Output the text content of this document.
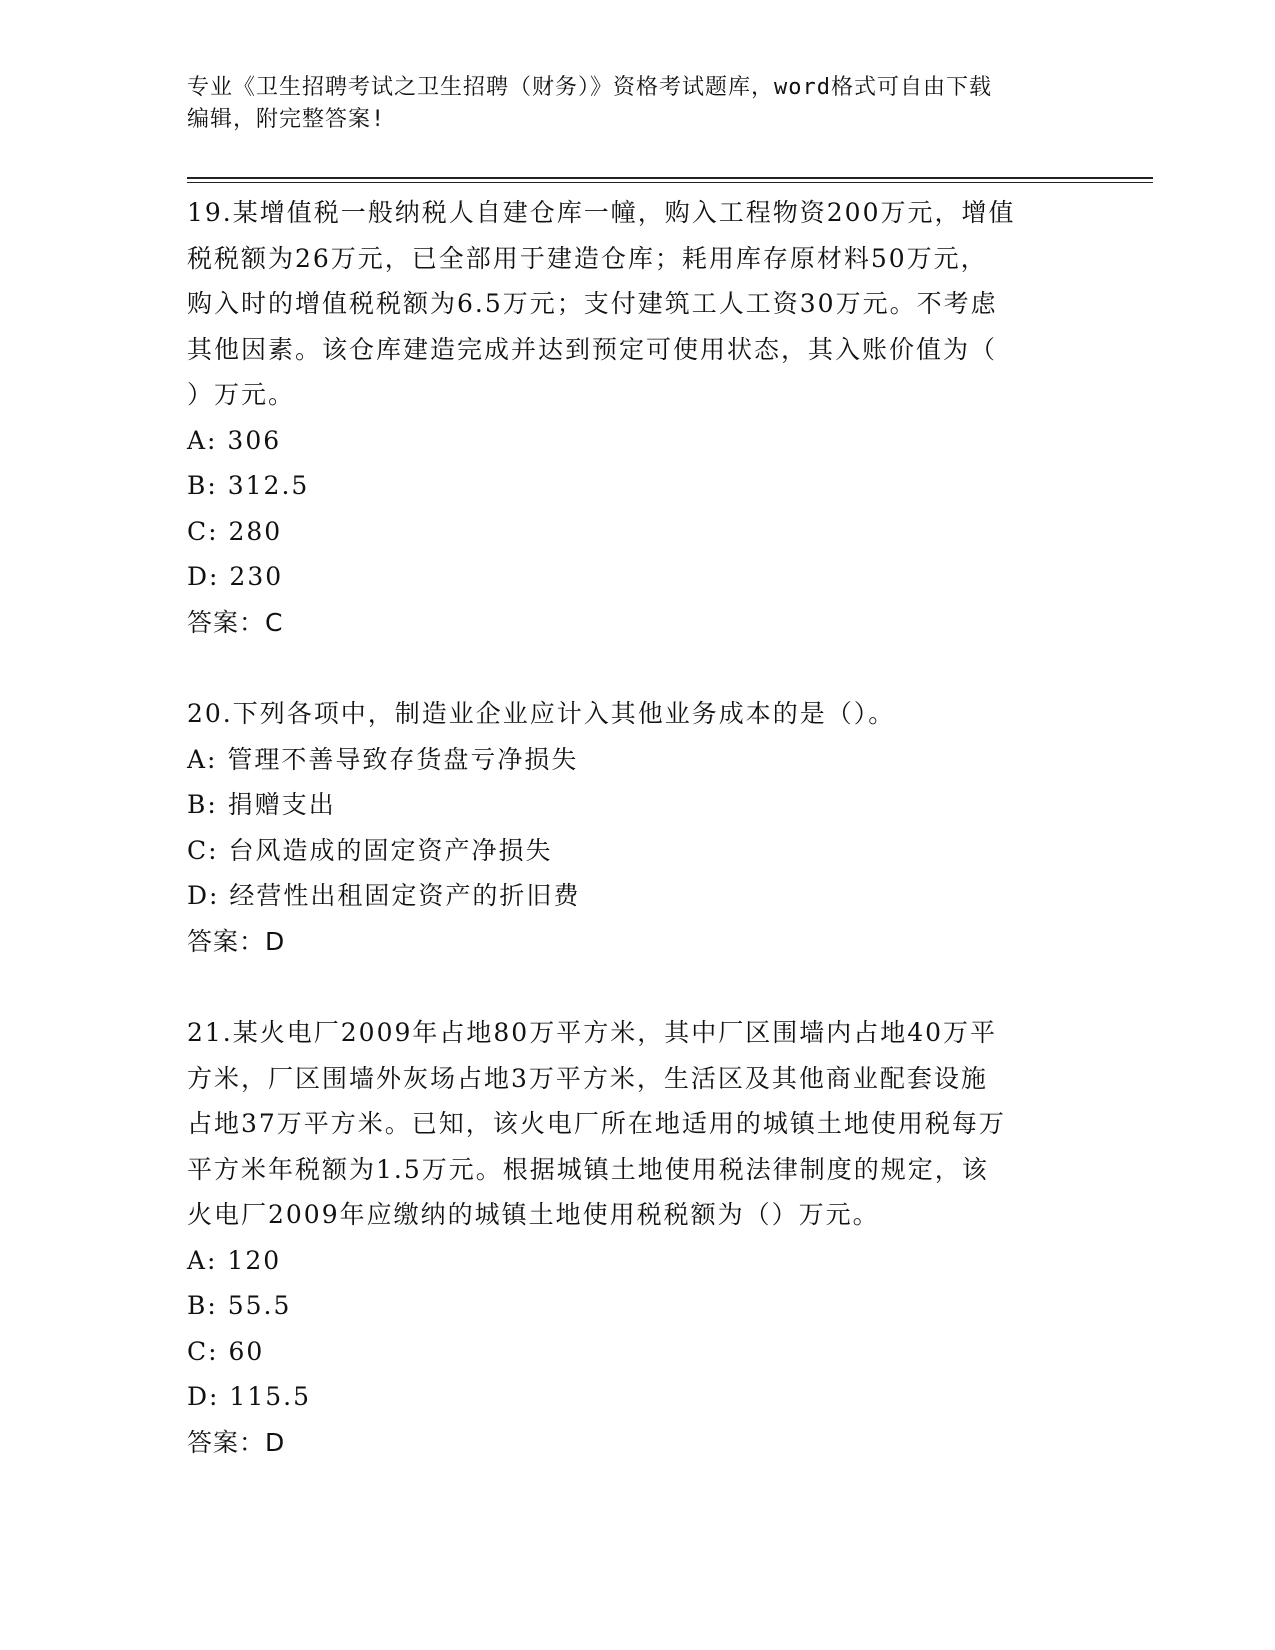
专业《卫生招聘考试之卫生招聘（财务）》资格考试题库，word格式可自由下载
编辑，附完整答案!
19.某增值税一般纳税人自建仓库一幢，购入工程物资200万元，增值
税税额为26万元，已全部用于建造仓库；耗用库存原材料50万元，
购入时的增值税税额为6.5万元；支付建筑工人工资30万元。不考虑
其他因素。该仓库建造完成并达到预定可使用状态，其入账价值为（
）万元。
A: 306
B: 312.5
C: 280
D: 230
答案：C
20.下列各项中，制造业企业应计入其他业务成本的是（）。
A: 管理不善导致存货盘亏净损失
B: 捐赠支出
C: 台风造成的固定资产净损失
D: 经营性出租固定资产的折旧费
答案：D
21.某火电厂2009年占地80万平方米，其中厂区围墙内占地40万平
方米，厂区围墙外灰场占地3万平方米，生活区及其他商业配套设施
占地37万平方米。已知，该火电厂所在地适用的城镇土地使用税每万
平方米年税额为1.5万元。根据城镇土地使用税法律制度的规定，该
火电厂2009年应缴纳的城镇土地使用税税额为（）万元。
A: 120
B: 55.5
C: 60
D: 115.5
答案：D
